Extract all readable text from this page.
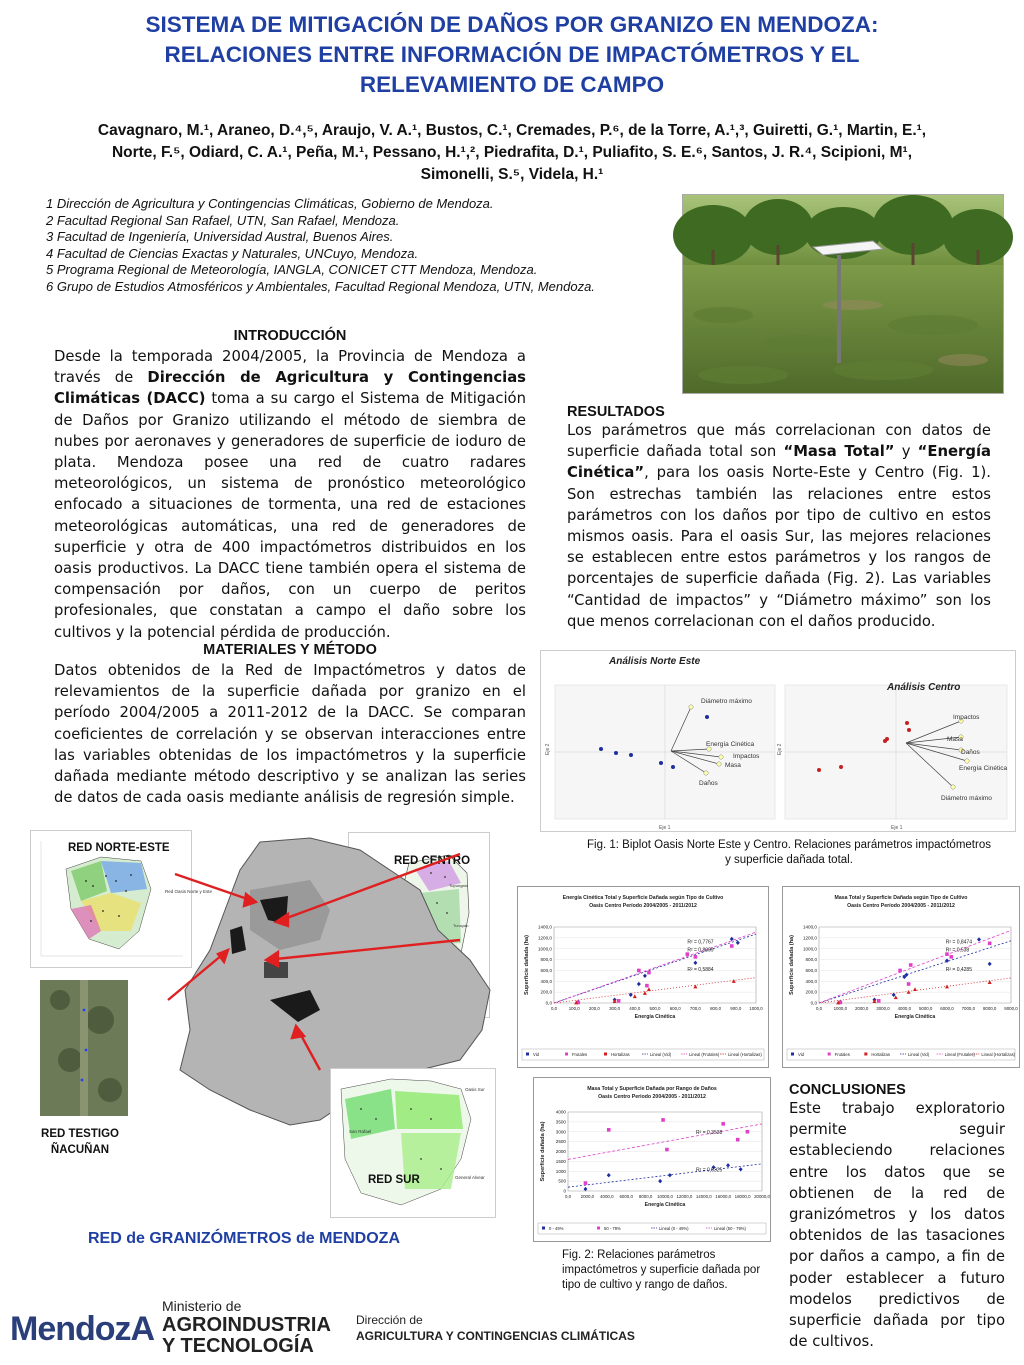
SISTEMA DE MITIGACIÓN DE DAÑOS POR GRANIZO EN MENDOZA:
RELACIONES ENTRE INFORMACIÓN DE IMPACTÓMETROS Y EL
RELEVAMIENTO DE CAMPO
Cavagnaro, M.¹, Araneo, D.⁴,⁵, Araujo, V. A.¹, Bustos, C.¹, Cremades, P.⁶, de la Torre, A.¹,³, Guiretti, G.¹, Martin, E.¹,
Norte, F.⁵, Odiard, C. A.¹, Peña, M.¹, Pessano, H.¹,², Piedrafita, D.¹, Puliafito, S. E.⁶, Santos, J. R.⁴, Scipioni, M¹,
Simonelli, S.⁵, Videla, H.¹
1 Dirección de Agricultura y Contingencias Climáticas, Gobierno de Mendoza.
2 Facultad Regional San Rafael, UTN, San Rafael, Mendoza.
3 Facultad de Ingeniería, Universidad Austral, Buenos Aires.
4 Facultad de Ciencias Exactas y Naturales, UNCuyo, Mendoza.
5 Programa Regional de Meteorología, IANGLA, CONICET CTT Mendoza, Mendoza.
6 Grupo de Estudios Atmosféricos y Ambientales, Facultad Regional Mendoza, UTN, Mendoza.
INTRODUCCIÓN
Desde la temporada 2004/2005, la Provincia de Mendoza a través de Dirección de Agricultura y Contingencias Climáticas (DACC) toma a su cargo el Sistema de Mitigación de Daños por Granizo utilizando el método de siembra de nubes por aeronaves y generadores de superficie de ioduro de plata. Mendoza posee una red de cuatro radares meteorológicos, un sistema de pronóstico meteorológico enfocado a situaciones de tormenta, una red de estaciones meteorológicas automáticas, una red de generadores de superficie y otra de 400 impactómetros distribuidos en los oasis productivos. La DACC tiene también opera el sistema de compensación por daños, con un cuerpo de peritos profesionales, que constatan a campo el daño sobre los cultivos y la potencial pérdida de producción.
MATERIALES Y MÉTODO
Datos obtenidos de la Red de Impactómetros y datos de relevamientos de la superficie dañada por granizo en el período 2004/2005 a 2011-2012 de la DACC. Se comparan coeficientes de correlación y se observan interacciones entre las variables obtenidas de los impactómetros y la superficie dañada mediante método descriptivo y se analizan las series de datos de cada oasis mediante análisis de regresión simple.
RESULTADOS
Los parámetros que más correlacionan con datos de superficie dañada total son “Masa Total” y “Energía Cinética”, para los oasis Norte-Este y Centro (Fig. 1). Son estrechas también las relaciones entre estos parámetros con los daños por tipo de cultivo en estos mismos oasis. Para el oasis Sur, las mejores relaciones se establecen entre estos parámetros y los rangos de porcentajes de superficie dañada (Fig. 2). Las variables “Cantidad de impactos” y “Diámetro máximo” son los que menos correlacionan con el daños producido.
Análisis Norte Este
Análisis Centro
Eje 1	Eje 1
Eje 2	Eje 2
Diámetro máximo
Energía Cinética
Impactos
Masa
Daños
Impactos
Masa
Daños
Energía Cinética
Diámetro máximo
Fig. 1: Biplot Oasis Norte Este y Centro. Relaciones parámetros impactómetros y superficie dañada total.
Energía Cinética Total y Superficie Dañada según Tipo de Cultivo
Oasis Centro Período 2004/2005 - 2011/2012
0,0
200,0
400,0
600,0
800,0
1000,0
1200,0
1400,0
0,0	100,0 200,0 300,0 400,0 500,0 600,0 700,0 800,0 900,0 1000,0
Energía Cinética
Superficie dañada (ha)	R² = 0,7767
R² = 0,8009
R² = 0,5884
Vid	Frutales	Hortalizas	Lineal (Vid)	Lineal (Frutales) Lineal (Hortalizas)
Masa Total y Superficie Dañada según Tipo de Cultivo
Oasis Centro Período 2004/2005 - 2011/2012
0,0
200,0
400,0
600,0
800,0
1000,0
1200,0
1400,0
0,0	1000,0 2000,0 3000,0 4000,0 5000,0 6000,0 7000,0 8000,0 9000,0
Energía Cinética
Superficie dañada (ha)	R² = 0,8474
R² = 0,538
R² = 0,4285
Vid	Frutales	Hortalizas	Lineal (Vid)	Lineal (Frutales) Lineal (Hortalizas)
Masa Total y Superficie Dañada por Rango de Daños
Oasis Centro Periodo 2004/2005 - 2011/2012
0
500
1000
1500
2000
2500
3000
3500
4000
0,0 2000,0 4000,0 6000,0 8000,0 10000,0 12000,0 14000,0 16000,0 18000,0 20000,0
Energía Cinética
Superficie dañada (ha)	R² = 0,3538
R² = 0,6325
0 - 49%	50 - 79%	Lineal (0 - 49%)	Lineal (50 - 79%)
Fig. 2: Relaciones parámetros impactómetros y superficie dañada por tipo de cultivo y rango de daños.
CONCLUSIONES
Este trabajo exploratorio permite seguir estableciendo relaciones entre los datos que se obtienen de la red de granizómetros y los datos obtenidos de las tasaciones por daños a campo, a fin de poder establecer a futuro modelos predictivos de superficie dañada por tipo de cultivos.
Red Oasis Norte y Este
RED NORTE-ESTE
Tupungato
Tunuyán
RED CENTRO
RED TESTIGO
ÑACUÑAN
San Rafael
Oasis Sur
General Alvear
RED SUR
RED de GRANIZÓMETROS de MENDOZA
MendozA
Ministerio de
AGROINDUSTRIA
Y TECNOLOGÍA
Dirección de
AGRICULTURA Y CONTINGENCIAS CLIMÁTICAS
